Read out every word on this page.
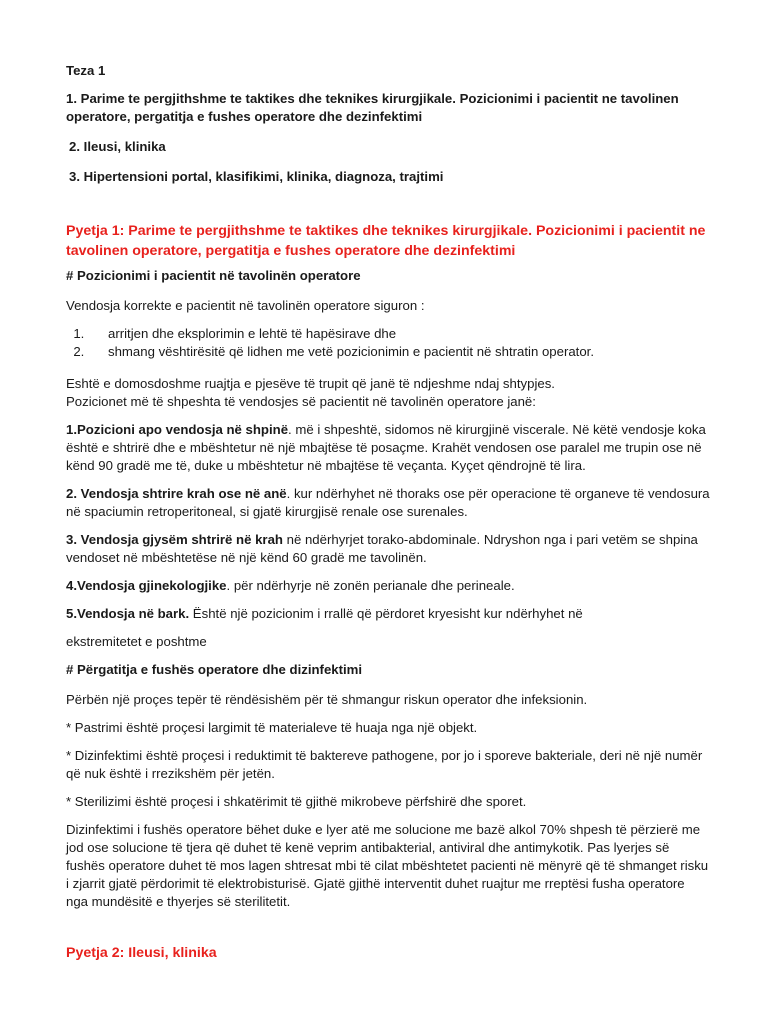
Teza 1

1. Parime te pergjithshme te taktikes dhe teknikes kirurgjikale. Pozicionimi i pacientit ne tavolinen operatore, pergatitja e fushes operatore dhe dezinfektimi

2. Ileusi, klinika

3. Hipertensioni portal, klasifikimi, klinika, diagnoza, trajtimi

Pyetja 1: Parime te pergjithshme te taktikes dhe teknikes kirurgjikale. Pozicionimi i pacientit ne tavolinen operatore, pergatitja e fushes operatore dhe dezinfektimi

# Pozicionimi i pacientit në tavolinën operatore

Vendosja korrekte e pacientit në tavolinën operatore siguron :

1. arritjen dhe eksplorimin e lehtë të hapësirave dhe
2. shmang vështirësitë që lidhen me vetë pozicionimin e pacientit në shtratin operator.

Eshtë e domosdoshme ruajtja e pjesëve të trupit që janë të ndjeshme ndaj shtypjes.

Pozicionet më të shpeshta të vendosjes së pacientit në tavolinën operatore janë:

1.Pozicioni apo vendosja në shpinë. më i shpeshtë, sidomos në kirurgjinë viscerale. Në këtë vendosje koka është e shtrirë dhe e mbështetur në një mbajtëse të posaçme. Krahët vendosen ose paralel me trupin ose në kënd 90 gradë me të, duke u mbështetur në mbajtëse të veçanta. Kyçet qëndrojnë të lira.

2. Vendosja shtrire krah ose në anë. kur ndërhyhet në thoraks ose për operacione të organeve të vendosura në spaciumin retroperitoneal, si gjatë kirurgjisë renale ose surenales.

3. Vendosja gjysëm shtrirë në krah në ndërhyrjet torako-abdominale. Ndryshon nga i pari vetëm se shpina vendoset në mbështetëse në një kënd 60 gradë me tavolinën.

4.Vendosja gjinekologjike. për ndërhyrje në zonën perianale dhe perineale.

5.Vendosja në bark. Është një pozicionim i rrallë që përdoret kryesisht kur ndërhyhet në

ekstremitetet e poshtme

# Përgatitja e fushës operatore dhe dizinfektimi

Përbën një proçes tepër të rëndësishëm për të shmangur riskun operator dhe infeksionin.

* Pastrimi është proçesi largimit të materialeve të huaja nga një objekt.

* Dizinfektimi është proçesi i reduktimit të baktereve pathogene, por jo i sporeve bakteriale, deri në një numër që nuk është i rrezikshëm për jetën.

* Sterilizimi është proçesi i shkatërimit të gjithë mikrobeve përfshirë dhe sporet.

Dizinfektimi i fushës operatore bëhet duke e lyer atë me solucione me bazë alkol 70% shpesh të përzierë me jod ose solucione të tjera që duhet të kenë veprim antibakterial, antiviral dhe antimykotik. Pas lyerjes së fushës operatore duhet të mos lagen shtresat mbi të cilat mbështetet pacienti në mënyrë që të shmanget risku i zjarrit gjatë përdorimit të elektrobisturisë. Gjatë gjithë interventit duhet ruajtur me rreptësi fusha operatore nga mundësitë e thyerjes së sterilitetit.

Pyetja 2: Ileusi, klinika
